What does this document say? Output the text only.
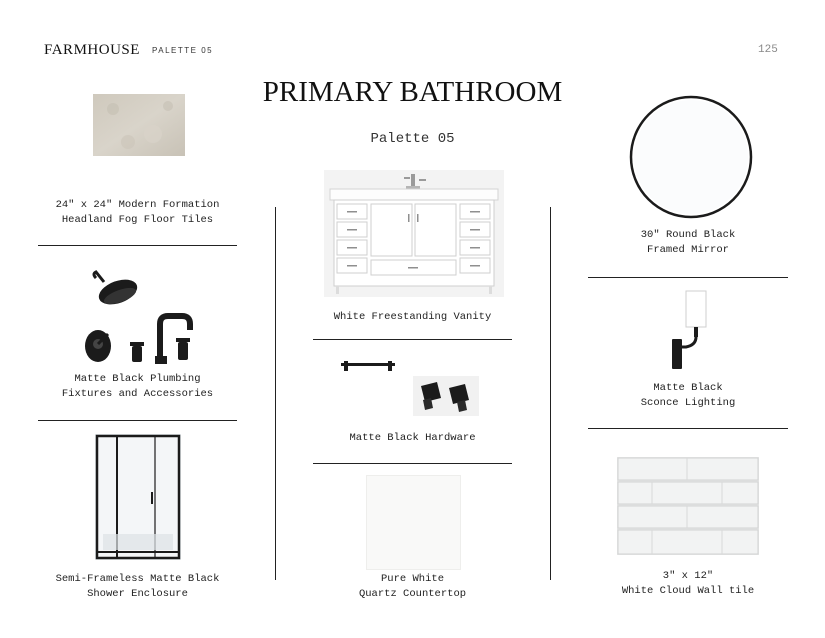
FARMHOUSE PALETTE 05	125
PRIMARY BATHROOM
Palette 05
24″ x 24″ Modern Formation
Headland Fog Floor Tiles
Matte Black Plumbing
Fixtures and Accessories
Semi-Frameless Matte Black
Shower Enclosure
White Freestanding Vanity
Matte Black Hardware
Pure White
Quartz Countertop
30″ Round Black
Framed Mirror
Matte Black
Sconce Lighting
3″ x 12″
White Cloud Wall tile
